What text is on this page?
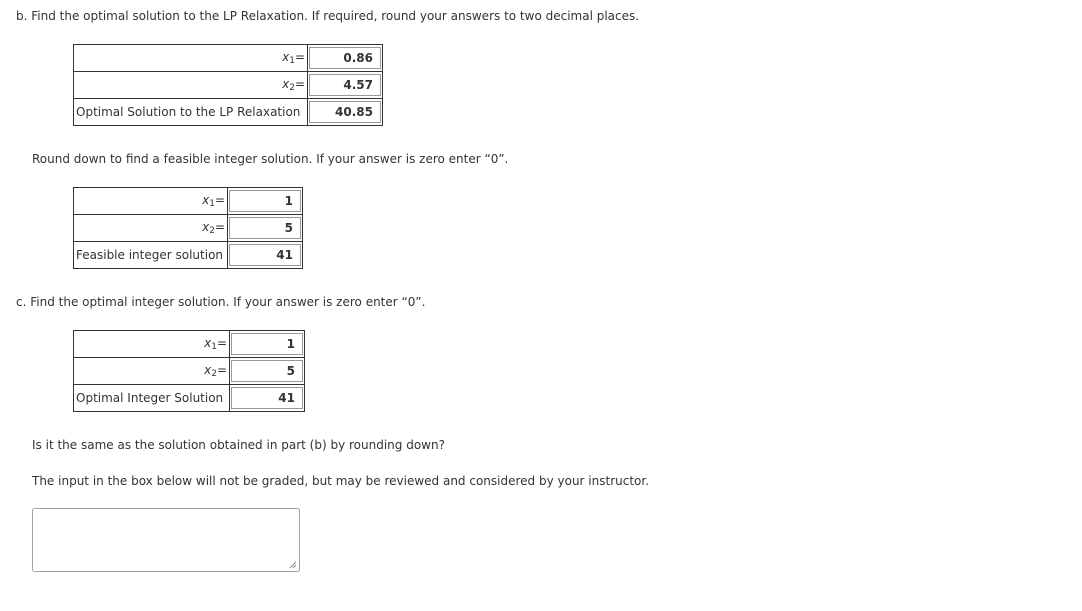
b. Find the optimal solution to the LP Relaxation. If required, round your answers to two decimal places.
$x_1=$	0.86

$x_2=$	4.57

Optimal Solution to the LP Relaxation	40.85
Round down to find a feasible integer solution. If your answer is zero enter “0”.
$x_1=$	1

$x_2=$	5

Feasible integer solution	41
c. Find the optimal integer solution. If your answer is zero enter “0”.
$x_1=$	1

$x_2=$	5

Optimal Integer Solution	41
Is it the same as the solution obtained in part (b) by rounding down?
The input in the box below will not be graded, but may be reviewed and considered by your instructor.
